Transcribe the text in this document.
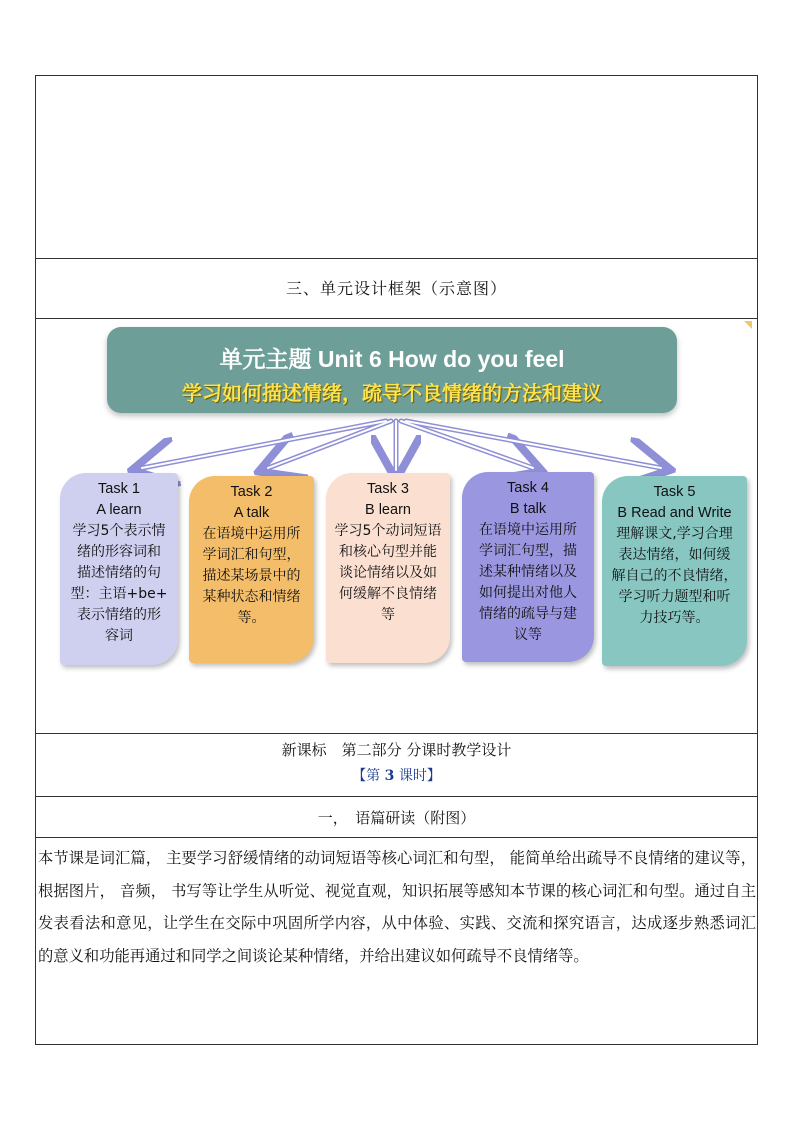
三、单元设计框架（示意图）
单元主题 Unit 6 How do you feel
学习如何描述情绪，疏导不良情绪的方法和建议
Task 1
A learn
学习5个表示情
绪的形容词和
描述情绪的句
型：主语+be+
表示情绪的形
容词
Task 2
A talk
在语境中运用所
学词汇和句型，
描述某场景中的
某种状态和情绪
等。
Task 3
B learn
学习5个动词短语
和核心句型并能
谈论情绪以及如
何缓解不良情绪
等
Task 4
B talk
在语境中运用所
学词汇句型，描
述某种情绪以及
如何提出对他人
情绪的疏导与建
议等
Task 5
B Read and Write
理解课文,学习合理
表达情绪，如何缓
解自己的不良情绪，
学习听力题型和听
力技巧等。
新课标　第二部分 分课时教学设计
【第 3 课时】
一，　语篇研读（附图）
本节课是词汇篇， 主要学习舒缓情绪的动词短语等核心词汇和句型， 能简单给出疏导不良情绪的建议等， 根据图片， 音频， 书写等让学生从听觉、视觉直观，知识拓展等感知本节课的核心词汇和句型。通过自主发表看法和意见，让学生在交际中巩固所学内容，从中体验、实践、交流和探究语言，达成逐步熟悉词汇的意义和功能再通过和同学之间谈论某种情绪，并给出建议如何疏导不良情绪等。
